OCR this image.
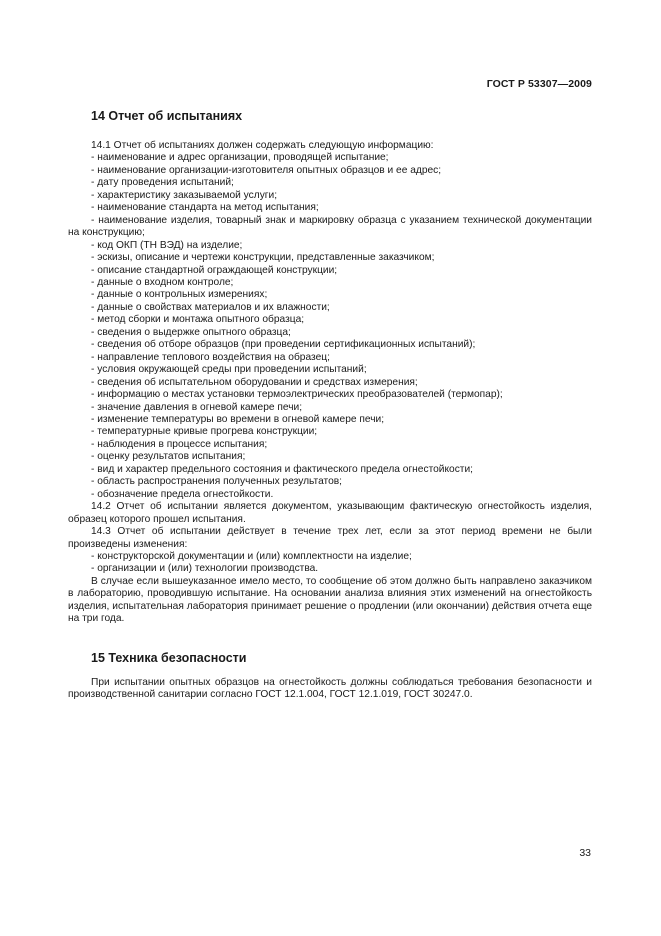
ГОСТ Р 53307—2009
14 Отчет об испытаниях

14.1 Отчет об испытаниях должен содержать следующую информацию:

- наименование и адрес организации, проводящей испытание;
- наименование организации-изготовителя опытных образцов и ее адрес;
- дату проведения испытаний;
- характеристику заказываемой услуги;
- наименование стандарта на метод испытания;
- наименование изделия, товарный знак и маркировку образца с указанием технической документации на конструкцию;
- код ОКП (ТН ВЭД) на изделие;
- эскизы, описание и чертежи конструкции, представленные заказчиком;
- описание стандартной ограждающей конструкции;
- данные о входном контроле;
- данные о контрольных измерениях;
- данные о свойствах материалов и их влажности;
- метод сборки и монтажа опытного образца;
- сведения о выдержке опытного образца;
- сведения об отборе образцов (при проведении сертификационных испытаний);
- направление теплового воздействия на образец;
- условия окружающей среды при проведении испытаний;
- сведения об испытательном оборудовании и средствах измерения;
- информацию о местах установки термоэлектрических преобразователей (термопар);
- значение давления в огневой камере печи;
- изменение температуры во времени в огневой камере печи;
- температурные кривые прогрева конструкции;
- наблюдения в процессе испытания;
- оценку результатов испытания;
- вид и характер предельного состояния и фактического предела огнестойкости;
- область распространения полученных результатов;
- обозначение предела огнестойкости.

14.2 Отчет об испытании является документом, указывающим фактическую огнестойкость изделия, образец которого прошел испытания.

14.3 Отчет об испытании действует в течение трех лет, если за этот период времени не были произведены изменения:

- конструкторской документации и (или) комплектности на изделие;
- организации и (или) технологии производства.

В случае если вышеуказанное имело место, то сообщение об этом должно быть направлено заказчиком в лабораторию, проводившую испытание. На основании анализа влияния этих изменений на огнестойкость изделия, испытательная лаборатория принимает решение о продлении (или окончании) действия отчета еще на три года.

15 Техника безопасности

При испытании опытных образцов на огнестойкость должны соблюдаться требования безопасности и производственной санитарии согласно ГОСТ 12.1.004, ГОСТ 12.1.019, ГОСТ 30247.0.

33
